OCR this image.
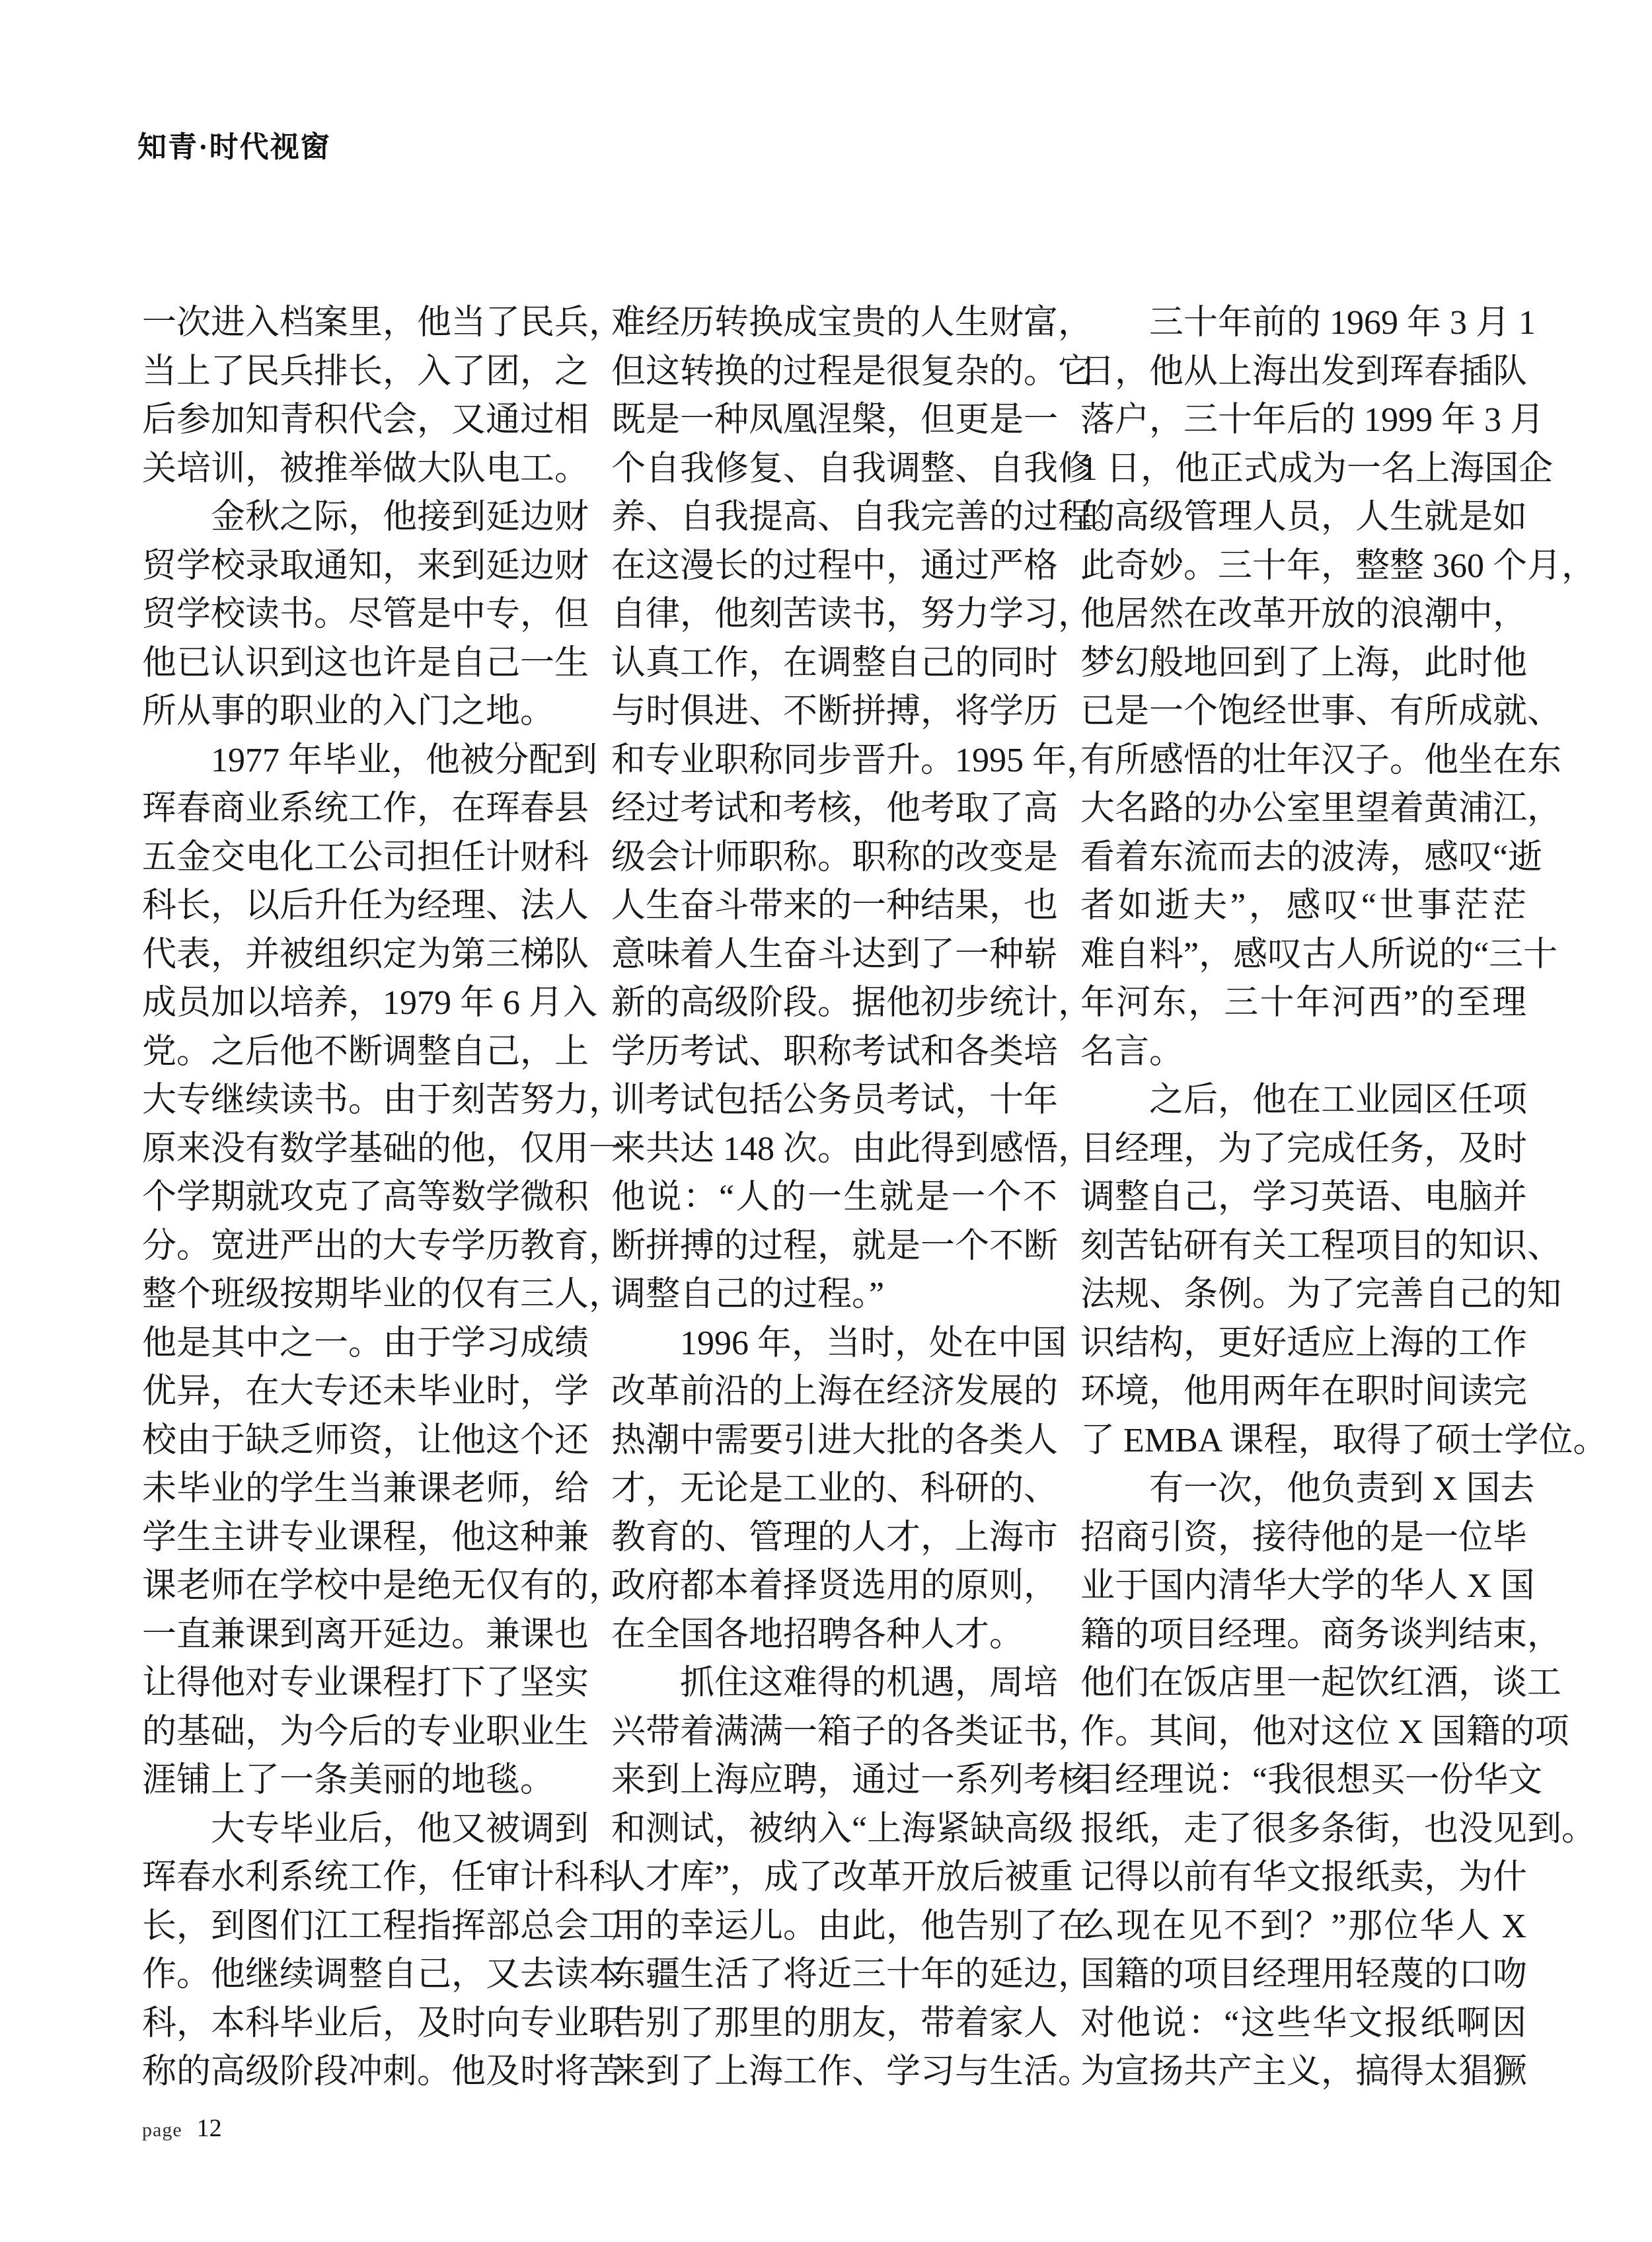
知青·时代视窗
一次进入档案里，他当了民兵，
当上了民兵排长，入了团，之
后参加知青积代会，又通过相
关培训，被推举做大队电工。
金秋之际，他接到延边财
贸学校录取通知，来到延边财
贸学校读书。尽管是中专，但
他已认识到这也许是自己一生
所从事的职业的入门之地。
1977 年毕业，他被分配到
珲春商业系统工作，在珲春县
五金交电化工公司担任计财科
科长，以后升任为经理、法人
代表，并被组织定为第三梯队
成员加以培养，1979 年 6 月入
党。之后他不断调整自己，上
大专继续读书。由于刻苦努力，
原来没有数学基础的他，仅用一
个学期就攻克了高等数学微积
分。宽进严出的大专学历教育，
整个班级按期毕业的仅有三人，
他是其中之一。由于学习成绩
优异，在大专还未毕业时，学
校由于缺乏师资，让他这个还
未毕业的学生当兼课老师，给
学生主讲专业课程，他这种兼
课老师在学校中是绝无仅有的，
一直兼课到离开延边。兼课也
让得他对专业课程打下了坚实
的基础，为今后的专业职业生
涯铺上了一条美丽的地毯。
大专毕业后，他又被调到
珲春水利系统工作，任审计科科
长，到图们江工程指挥部总会工
作。他继续调整自己，又去读本
科，本科毕业后，及时向专业职
称的高级阶段冲刺。他及时将苦
难经历转换成宝贵的人生财富，
但这转换的过程是很复杂的。它
既是一种凤凰涅槃，但更是一
个自我修复、自我调整、自我修
养、自我提高、自我完善的过程。
在这漫长的过程中，通过严格
自律，他刻苦读书，努力学习，
认真工作，在调整自己的同时
与时俱进、不断拼搏，将学历
和专业职称同步晋升。1995 年，
经过考试和考核，他考取了高
级会计师职称。职称的改变是
人生奋斗带来的一种结果，也
意味着人生奋斗达到了一种崭
新的高级阶段。据他初步统计，
学历考试、职称考试和各类培
训考试包括公务员考试，十年
来共达 148 次。由此得到感悟，
他说：“人的一生就是一个不
断拼搏的过程，就是一个不断
调整自己的过程。”
1996 年，当时，处在中国
改革前沿的上海在经济发展的
热潮中需要引进大批的各类人
才，无论是工业的、科研的、
教育的、管理的人才，上海市
政府都本着择贤选用的原则，
在全国各地招聘各种人才。
抓住这难得的机遇，周培
兴带着满满一箱子的各类证书，
来到上海应聘，通过一系列考核
和测试，被纳入“上海紧缺高级
人才库”，成了改革开放后被重
用的幸运儿。由此，他告别了在
东疆生活了将近三十年的延边，
告别了那里的朋友，带着家人
来到了上海工作、学习与生活。
三十年前的 1969 年 3 月 1
日，他从上海出发到珲春插队
落户，三十年后的 1999 年 3 月
1 日，他正式成为一名上海国企
的高级管理人员，人生就是如
此奇妙。三十年，整整 360 个月，
他居然在改革开放的浪潮中，
梦幻般地回到了上海，此时他
已是一个饱经世事、有所成就、
有所感悟的壮年汉子。他坐在东
大名路的办公室里望着黄浦江，
看着东流而去的波涛，感叹“逝
者如逝夫”，感叹“世事茫茫
难自料”，感叹古人所说的“三十
年河东，三十年河西”的至理
名言。
之后，他在工业园区任项
目经理，为了完成任务，及时
调整自己，学习英语、电脑并
刻苦钻研有关工程项目的知识、
法规、条例。为了完善自己的知
识结构，更好适应上海的工作
环境，他用两年在职时间读完
了 EMBA 课程，取得了硕士学位。
有一次，他负责到 X 国去
招商引资，接待他的是一位毕
业于国内清华大学的华人 X 国
籍的项目经理。商务谈判结束，
他们在饭店里一起饮红酒，谈工
作。其间，他对这位 X 国籍的项
目经理说：“我很想买一份华文
报纸，走了很多条街，也没见到。
记得以前有华文报纸卖，为什
么现在见不到？”那位华人 X
国籍的项目经理用轻蔑的口吻
对他说：“这些华文报纸啊因
为宣扬共产主义，搞得太猖獗
page 12
